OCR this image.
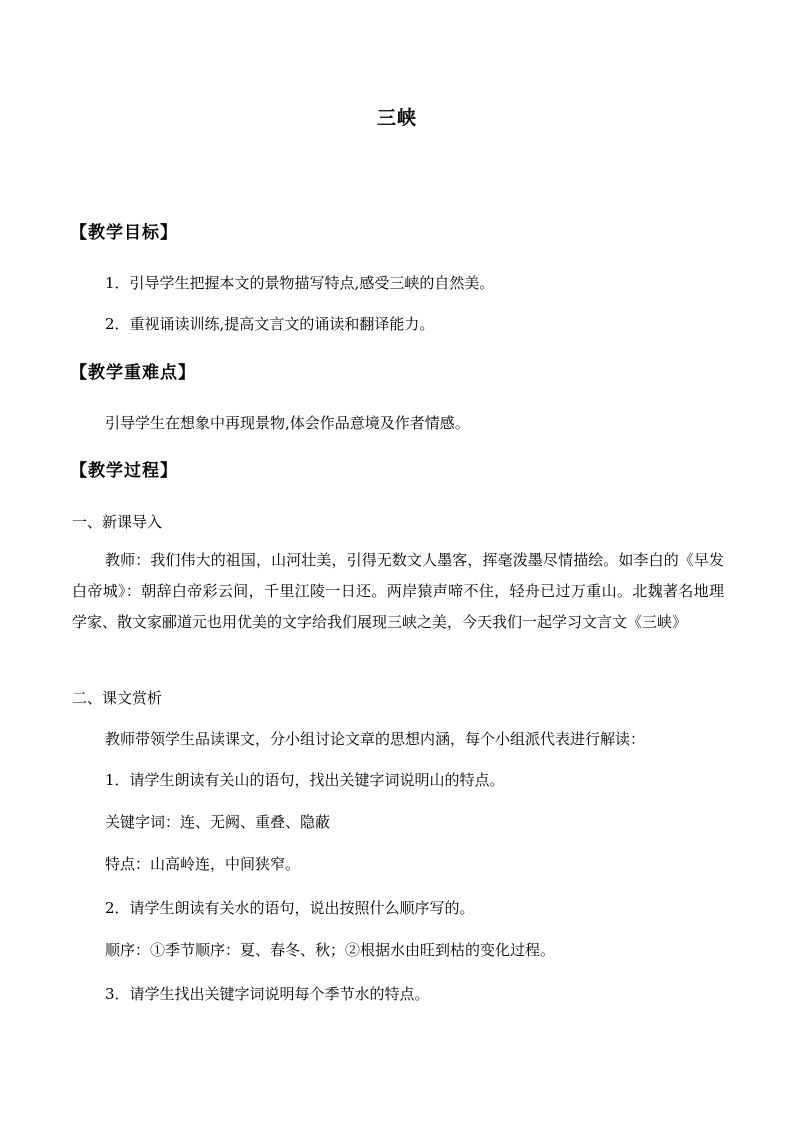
三峡
【教学目标】
1．引导学生把握本文的景物描写特点,感受三峡的自然美。
2．重视诵读训练,提高文言文的诵读和翻译能力。
【教学重难点】
引导学生在想象中再现景物,体会作品意境及作者情感。
【教学过程】
一、新课导入
教师：我们伟大的祖国，山河壮美，引得无数文人墨客，挥毫泼墨尽情描绘。如李白的《早发白帝城》：朝辞白帝彩云间，千里江陵一日还。两岸猿声啼不住，轻舟已过万重山。北魏著名地理学家、散文家郦道元也用优美的文字给我们展现三峡之美，今天我们一起学习文言文《三峡》
二、课文赏析
教师带领学生品读课文，分小组讨论文章的思想内涵，每个小组派代表进行解读：
1．请学生朗读有关山的语句，找出关键字词说明山的特点。
关键字词：连、无阙、重叠、隐蔽
特点：山高岭连，中间狭窄。
2．请学生朗读有关水的语句，说出按照什么顺序写的。
顺序：①季节顺序：夏、春冬、秋；②根据水由旺到枯的变化过程。
3．请学生找出关键字词说明每个季节水的特点。
